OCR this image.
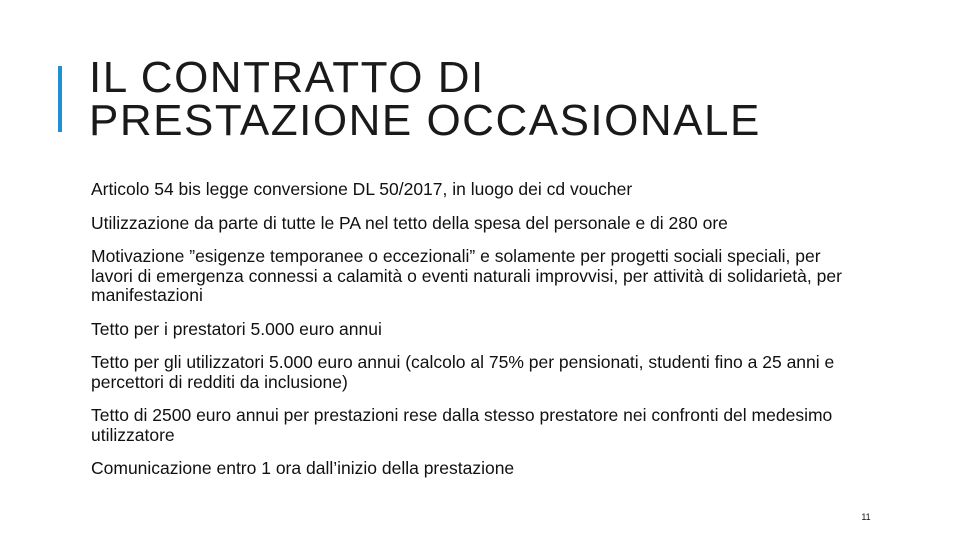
IL CONTRATTO DI
PRESTAZIONE OCCASIONALE
Articolo 54 bis legge conversione DL 50/2017, in luogo dei cd voucher
Utilizzazione da parte di tutte le PA nel tetto della spesa del personale e di 280 ore
Motivazione ”esigenze temporanee o eccezionali” e solamente per progetti sociali speciali, per lavori di emergenza connessi a calamità o eventi naturali improvvisi, per attività di solidarietà, per manifestazioni
Tetto per i prestatori 5.000 euro annui
Tetto per gli utilizzatori 5.000 euro annui (calcolo al 75% per pensionati, studenti fino a 25 anni e percettori di redditi da inclusione)
Tetto di 2500 euro annui per prestazioni rese dalla stesso prestatore nei confronti del medesimo utilizzatore
Comunicazione entro 1 ora dall’inizio della prestazione
11
